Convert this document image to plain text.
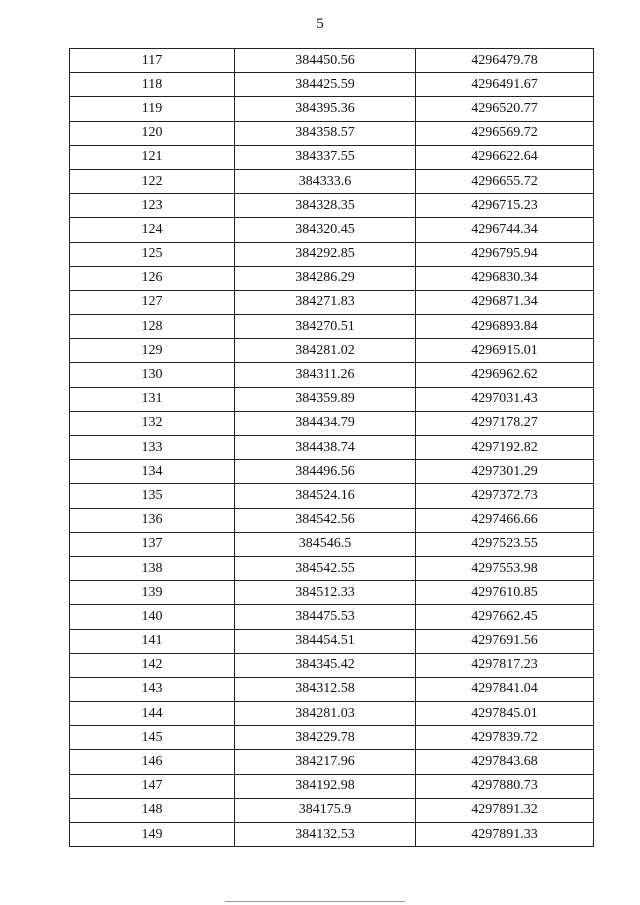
5
117	384450.56	4296479.78
118	384425.59	4296491.67
119	384395.36	4296520.77
120	384358.57	4296569.72
121	384337.55	4296622.64
122	384333.6	4296655.72
123	384328.35	4296715.23
124	384320.45	4296744.34
125	384292.85	4296795.94
126	384286.29	4296830.34
127	384271.83	4296871.34
128	384270.51	4296893.84
129	384281.02	4296915.01
130	384311.26	4296962.62
131	384359.89	4297031.43
132	384434.79	4297178.27
133	384438.74	4297192.82
134	384496.56	4297301.29
135	384524.16	4297372.73
136	384542.56	4297466.66
137	384546.5	4297523.55
138	384542.55	4297553.98
139	384512.33	4297610.85
140	384475.53	4297662.45
141	384454.51	4297691.56
142	384345.42	4297817.23
143	384312.58	4297841.04
144	384281.03	4297845.01
145	384229.78	4297839.72
146	384217.96	4297843.68
147	384192.98	4297880.73
148	384175.9	4297891.32
149	384132.53	4297891.33
